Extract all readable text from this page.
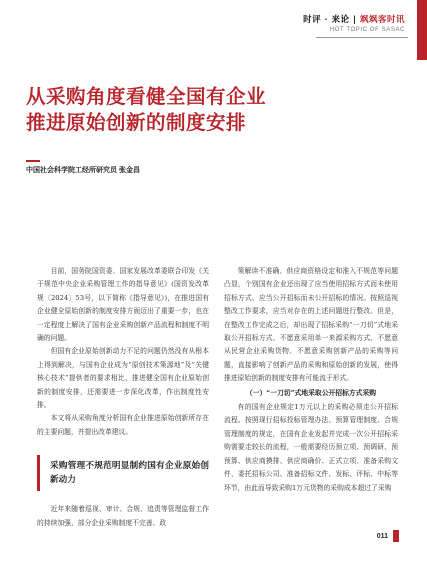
时评 · 来论 | 飒飒客时讯
HOT TOPIC OF SASAC
从采购角度看健全国有企业
推进原始创新的制度安排
中国社会科学院工经所研究员 张金昌

目前，国务院国资委、国家发展改革委联合印发《关于规范中央企业采购管理工作的指导意见》(国资发改革规〔2024〕53号，以下简称《指导意见》)，在推进国有企业健全原始创新的制度安排方面迈出了重要一步，也在一定程度上解决了国有企业采购创新产品流程和制度不明确的问题。

但国有企业原始创新动力不足的问题仍然没有从根本上得到解决，与国有企业成为“原创技术策源地”及“关键核心技术”提供者的要求相比，推进健全国有企业原始创新的制度安排，还需要进一步深化改革，作出制度性安排。

本文将从采购角度分析国有企业推进原始创新所存在的主要问题，并提出改革建议。

采购管理不规范明显制约国有企业原始创新动力

近年来随着巡视、审计、合规、追责等管理监督工作的持续加强，部分企业采购制度不完善、政

策解读不准确、供应商资格设定和准入不规范等问题凸显，个别国有企业还出现了应当使用招标方式而未使用招标方式、应当公开招标而未公开招标的情况。按照巡视整改工作要求，应当对存在的上述问题进行整改。但是，在整改工作完成之后，却出现了招标采购“一刀切”式地采取公开招标方式、不愿意采用单一来源采购方式、不愿意从民营企业采购货物、不愿意采购创新产品的采购等问题，直接影响了创新产品的采购和原始创新的发展，使得推进原始创新的制度安排有可能流于形式。

（一）“一刀切”式地采取公开招标方式采购

有的国有企业规定1万元以上的采购必须走公开招标流程。按照现行招标投标管理办法、预算管理制度、合规管理制度的规定，在国有企业发起并完成一次公开招标采购需要走较长的流程，一般需要经历预立项、预调研、预预算、供应商摸排、供应商确价、正式立项、准备采购文件、委托招标公司、准备招标文件、发标、评标、中标等环节，由此而导致采购1万元货物的采购成本超过了采购

011
